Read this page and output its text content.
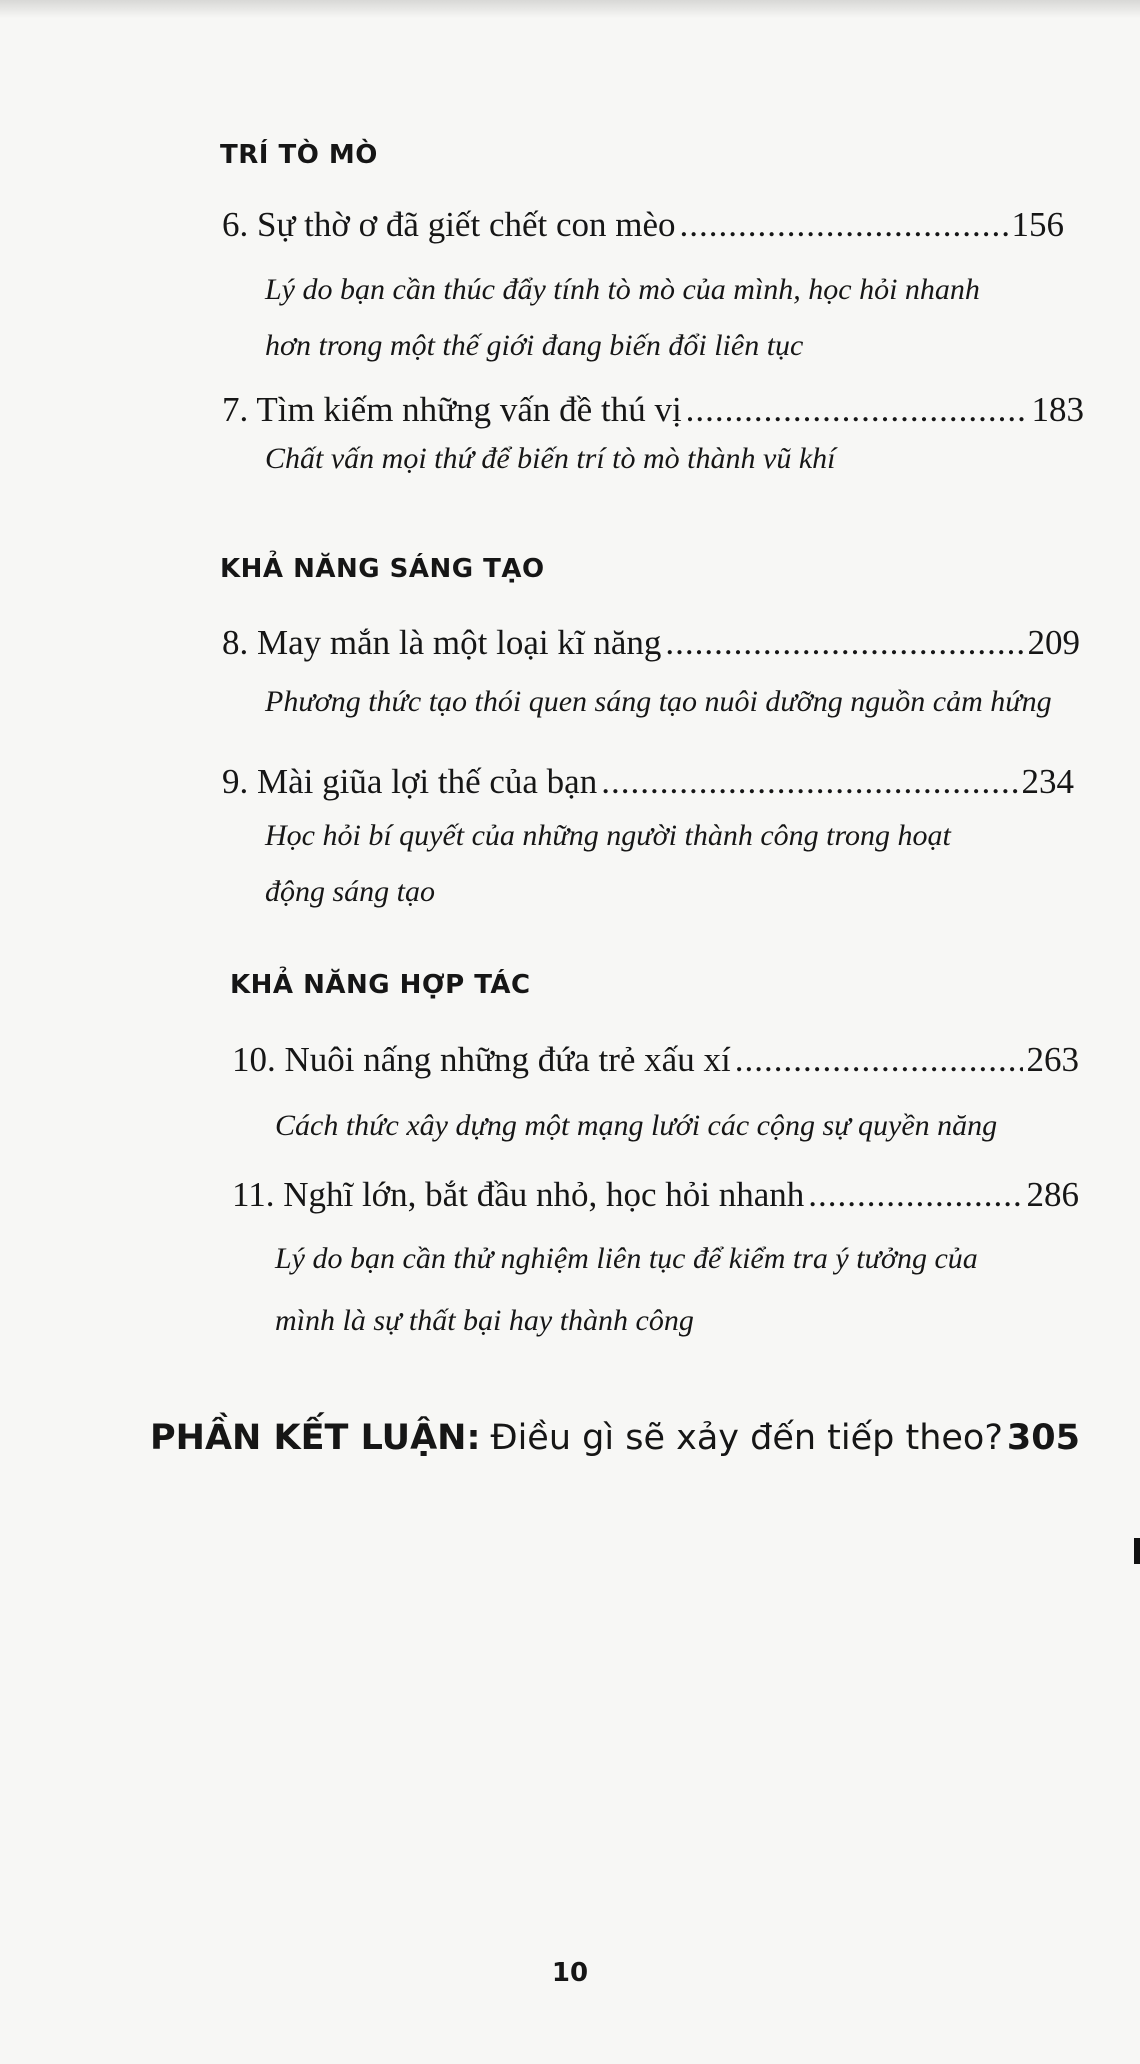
TRÍ TÒ MÒ
6. Sự thờ ơ đã giết chết con mèo .....	156
Lý do bạn cần thúc đẩy tính tò mò của mình, học hỏi nhanh
hơn trong một thế giới đang biến đổi liên tục
7. Tìm kiếm những vấn đề thú vị .....	183
Chất vấn mọi thứ để biến trí tò mò thành vũ khí
KHẢ NĂNG SÁNG TẠO
8. May mắn là một loại kĩ năng .....	209
Phương thức tạo thói quen sáng tạo nuôi dưỡng nguồn cảm hứng
9. Mài giũa lợi thế của bạn .....	234
Học hỏi bí quyết của những người thành công trong hoạt
động sáng tạo
KHẢ NĂNG HỢP TÁC
10. Nuôi nấng những đứa trẻ xấu xí .....	263
Cách thức xây dựng một mạng lưới các cộng sự quyền năng
11. Nghĩ lớn, bắt đầu nhỏ, học hỏi nhanh .....	286
Lý do bạn cần thử nghiệm liên tục để kiểm tra ý tưởng của
mình là sự thất bại hay thành công
PHẦN KẾT LUẬN: Điều gì sẽ xảy đến tiếp theo? 305
10
